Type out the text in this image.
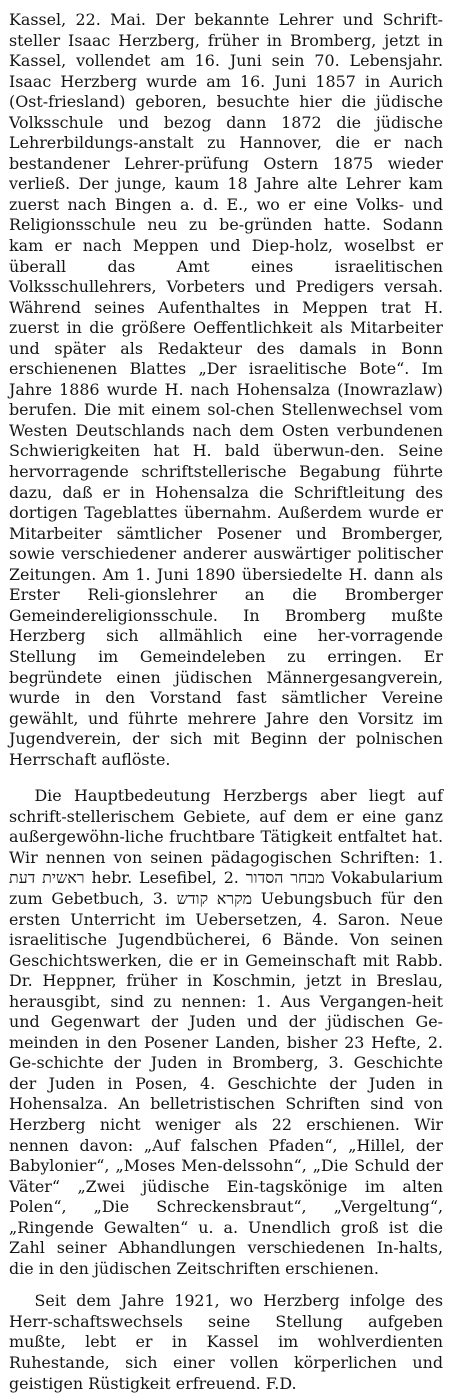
Kassel, 22. Mai. Der bekannte Lehrer und Schrift-steller Isaac Herzberg, früher in Bromberg, jetzt in Kassel, vollendet am 16. Juni sein 70. Lebensjahr. Isaac Herzberg wurde am 16. Juni 1857 in Aurich (Ost-friesland) geboren, besuchte hier die jüdische Volksschule und bezog dann 1872 die jüdische Lehrerbildungs-anstalt zu Hannover, die er nach bestandener Lehrer-prüfung Ostern 1875 wieder verließ. Der junge, kaum 18 Jahre alte Lehrer kam zuerst nach Bingen a. d. E., wo er eine Volks- und Religionsschule neu zu be-gründen hatte. Sodann kam er nach Meppen und Diep-holz, woselbst er überall das Amt eines israelitischen Volksschullehrers, Vorbeters und Predigers versah. Während seines Aufenthaltes in Meppen trat H. zuerst in die größere Oeffentlichkeit als Mitarbeiter und später als Redakteur des damals in Bonn erschienenen Blattes „Der israelitische Bote“. Im Jahre 1886 wurde H. nach Hohensalza (Inowrazlaw) berufen. Die mit einem sol-chen Stellenwechsel vom Westen Deutschlands nach dem Osten verbundenen Schwierigkeiten hat H. bald überwun-den. Seine hervorragende schriftstellerische Begabung führte dazu, daß er in Hohensalza die Schriftleitung des dortigen Tageblattes übernahm. Außerdem wurde er Mitarbeiter sämtlicher Posener und Bromberger, sowie verschiedener anderer auswärtiger politischer Zeitungen. Am 1. Juni 1890 übersiedelte H. dann als Erster Reli-gionslehrer an die Bromberger Gemeindereligionsschule. In Bromberg mußte Herzberg sich allmählich eine her-vorragende Stellung im Gemeindeleben zu erringen. Er begründete einen jüdischen Männergesangverein, wurde in den Vorstand fast sämtlicher Vereine gewählt, und führte mehrere Jahre den Vorsitz im Jugendverein, der sich mit Beginn der polnischen Herrschaft auflöste.

Die Hauptbedeutung Herzbergs aber liegt auf schrift-stellerischem Gebiete, auf dem er eine ganz außergewöhn-liche fruchtbare Tätigkeit entfaltet hat. Wir nennen von seinen pädagogischen Schriften: 1. ראשית דעת hebr. Lesefibel, 2. מבחר הסדור Vokabularium zum Gebetbuch, 3. מקרא קודש Uebungsbuch für den ersten Unterricht im Uebersetzen, 4. Saron. Neue israelitische Jugendbücherei, 6 Bände. Von seinen Geschichtswerken, die er in Gemeinschaft mit Rabb. Dr. Heppner, früher in Koschmin, jetzt in Breslau, herausgibt, sind zu nennen: 1. Aus Vergangen-heit und Gegenwart der Juden und der jüdischen Ge-meinden in den Posener Landen, bisher 23 Hefte, 2. Ge-schichte der Juden in Bromberg, 3. Geschichte der Juden in Posen, 4. Geschichte der Juden in Hohensalza. An belletristischen Schriften sind von Herzberg nicht weniger als 22 erschienen. Wir nennen davon: „Auf falschen Pfaden“, „Hillel, der Babylonier“, „Moses Men-delssohn“, „Die Schuld der Väter“ „Zwei jüdische Ein-tagskönige im alten Polen“, „Die Schreckensbraut“, „Vergeltung“, „Ringende Gewalten“ u. a. Unendlich groß ist die Zahl seiner Abhandlungen verschiedenen In-halts, die in den jüdischen Zeitschriften erschienen.

Seit dem Jahre 1921, wo Herzberg infolge des Herr-schaftswechsels seine Stellung aufgeben mußte, lebt er in Kassel im wohlverdienten Ruhestande, sich einer vollen körperlichen und geistigen Rüstigkeit erfreuend. F.D.
